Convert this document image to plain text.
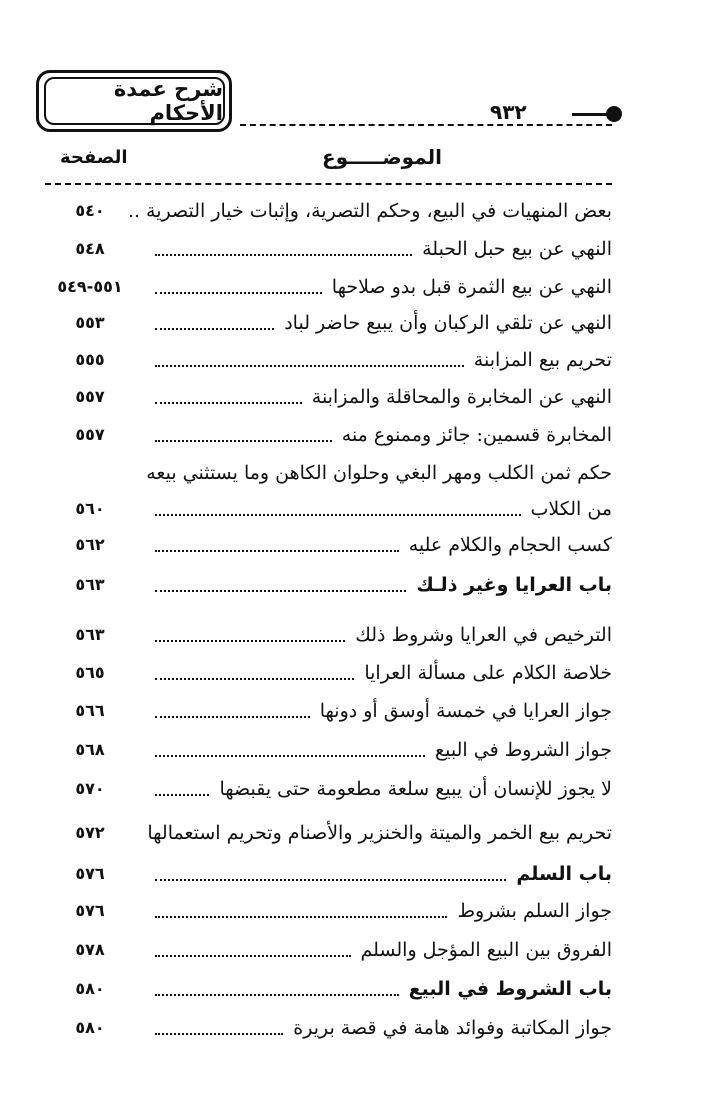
شرح عمدة الأحكام	٩٣٢
الموضـــــوع
الصفحة
بعض المنهيات في البيع، وحكم التصرية، وإثبات خيار التصرية ..
٥٤٠
النهي عن بيع حبل الحبلة
٥٤٨
النهي عن بيع الثمرة قبل بدو صلاحها
٥٥١-٥٤٩
النهي عن تلقي الركبان وأن يبيع حاضر لباد
٥٥٣
تحريم بيع المزابنة
٥٥٥
النهي عن المخابرة والمحاقلة والمزابنة
٥٥٧
المخابرة قسمين: جائز وممنوع منه
٥٥٧
حكم ثمن الكلب ومهر البغي وحلوان الكاهن وما يستثني بيعه
من الكلاب
٥٦٠
كسب الحجام والكلام عليه
٥٦٢
باب العرايا وغير ذلـك
٥٦٣
الترخيص في العرايا وشروط ذلك
٥٦٣
خلاصة الكلام على مسألة العرايا
٥٦٥
جواز العرايا في خمسة أوسق أو دونها
٥٦٦
جواز الشروط في البيع
٥٦٨
لا يجوز للإنسان أن يبيع سلعة مطعومة حتى يقبضها
٥٧٠
تحريم بيع الخمر والميتة والخنزير والأصنام وتحريم استعمالها
٥٧٢
باب السلم
٥٧٦
جواز السلم بشروط
٥٧٦
الفروق بين البيع المؤجل والسلم
٥٧٨
باب الشروط في البيع
٥٨٠
جواز المكاتبة وفوائد هامة في قصة بريرة
٥٨٠
